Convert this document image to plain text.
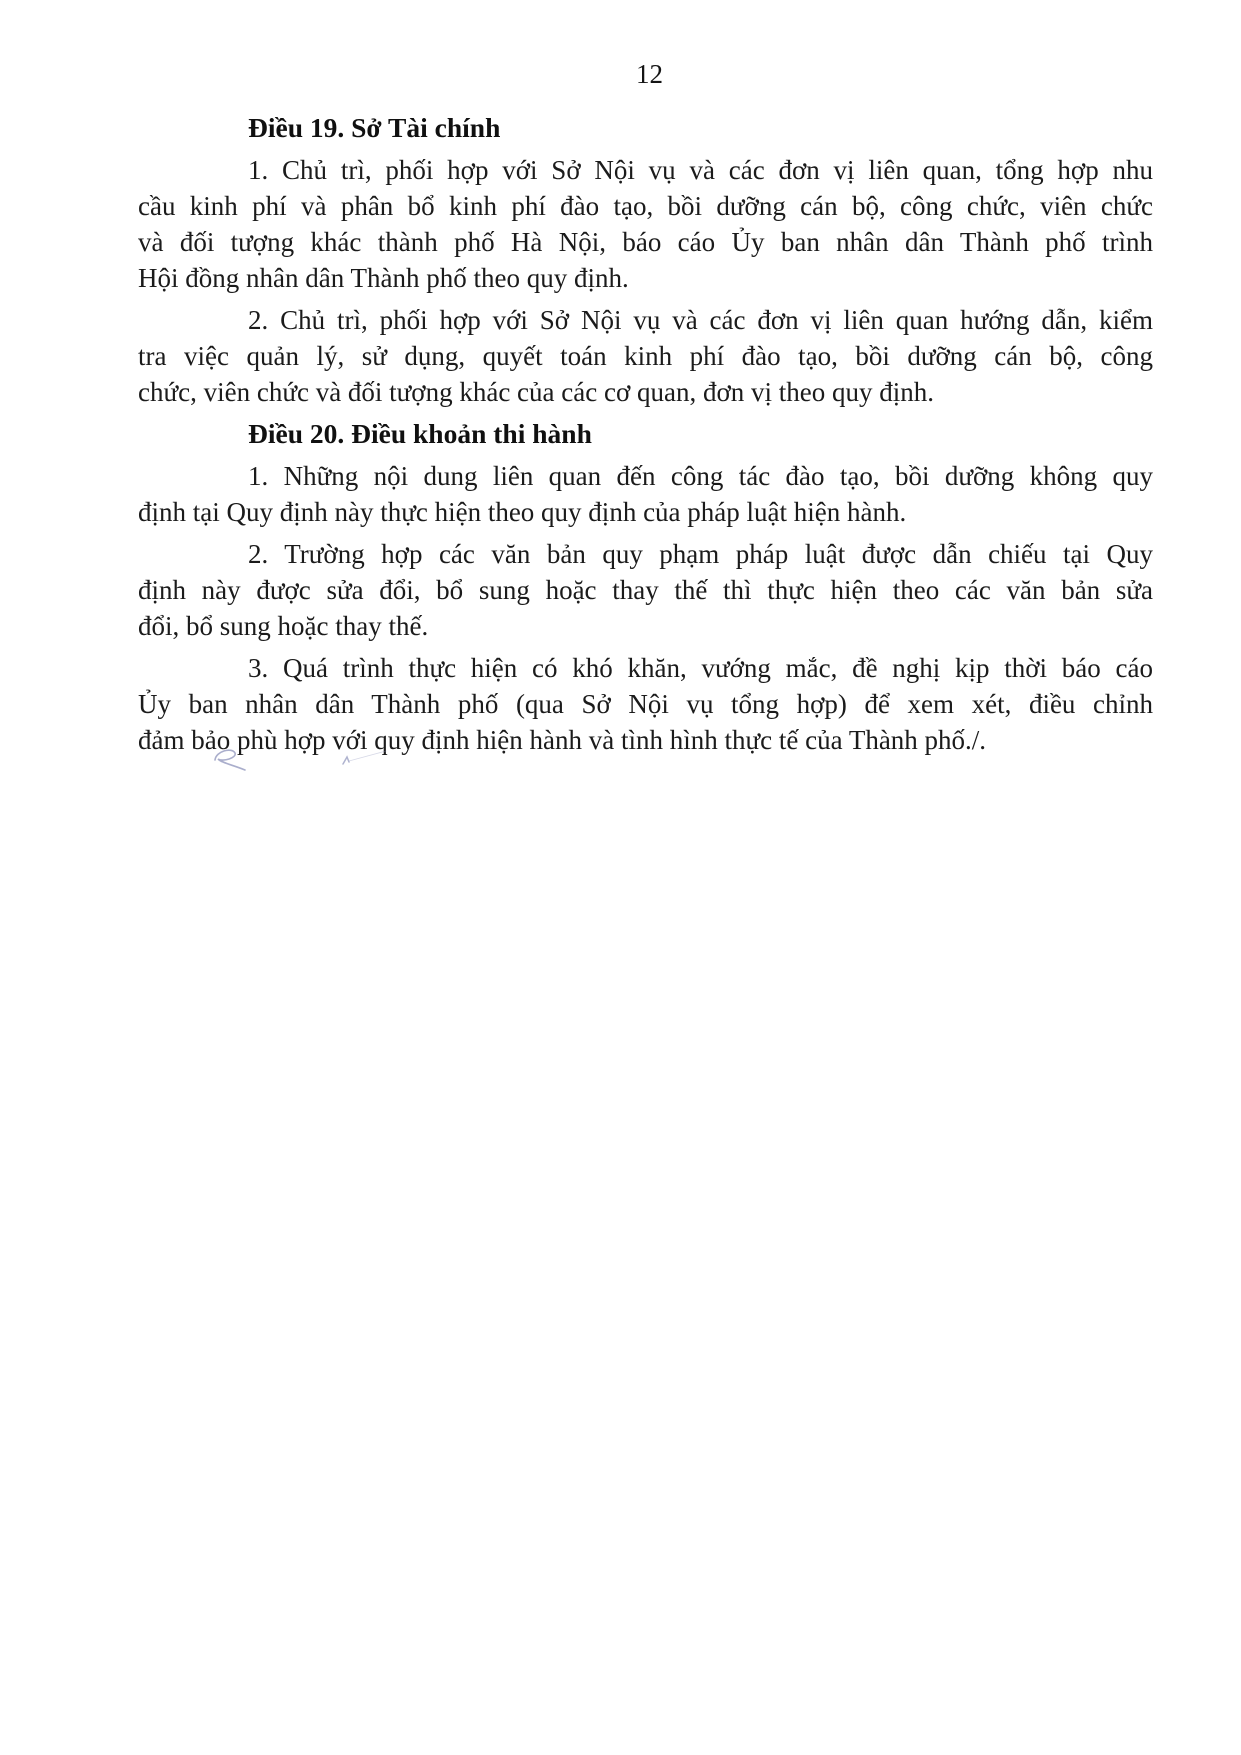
12
Điều 19. Sở Tài chính
1. Chủ trì, phối hợp với Sở Nội vụ và các đơn vị liên quan, tổng hợp nhu
cầu kinh phí và phân bổ kinh phí đào tạo, bồi dưỡng cán bộ, công chức, viên chức
và đối tượng khác thành phố Hà Nội, báo cáo Ủy ban nhân dân Thành phố trình
Hội đồng nhân dân Thành phố theo quy định.
2. Chủ trì, phối hợp với Sở Nội vụ và các đơn vị liên quan hướng dẫn, kiểm
tra việc quản lý, sử dụng, quyết toán kinh phí đào tạo, bồi dưỡng cán bộ, công
chức, viên chức và đối tượng khác của các cơ quan, đơn vị theo quy định.
Điều 20. Điều khoản thi hành
1. Những nội dung liên quan đến công tác đào tạo, bồi dưỡng không quy
định tại Quy định này thực hiện theo quy định của pháp luật hiện hành.
2. Trường hợp các văn bản quy phạm pháp luật được dẫn chiếu tại Quy
định này được sửa đổi, bổ sung hoặc thay thế thì thực hiện theo các văn bản sửa
đổi, bổ sung hoặc thay thế.
3. Quá trình thực hiện có khó khăn, vướng mắc, đề nghị kịp thời báo cáo
Ủy ban nhân dân Thành phố (qua Sở Nội vụ tổng hợp) để xem xét, điều chỉnh
đảm bảo phù hợp với quy định hiện hành và tình hình thực tế của Thành phố./.
